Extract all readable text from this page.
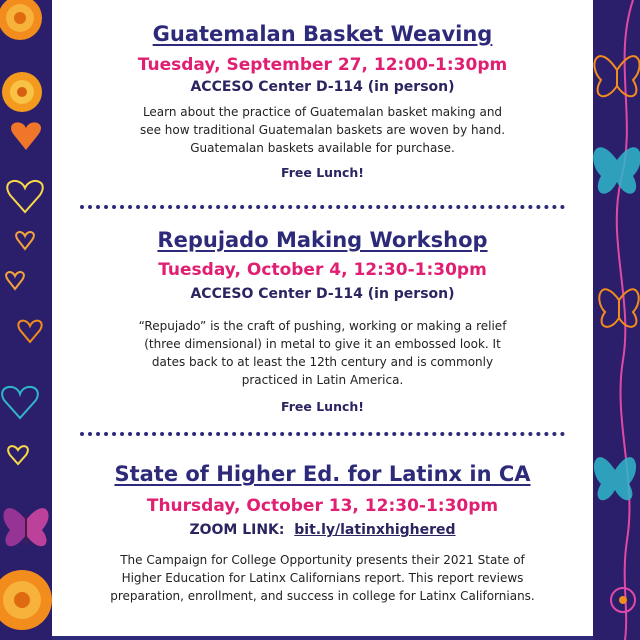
Guatemalan Basket Weaving

Tuesday, September 27, 12:00-1:30pm

ACCESO Center D-114 (in person)

Learn about the practice of Guatemalan basket making and

see how traditional Guatemalan baskets are woven by hand.

Guatemalan baskets available for purchase.

Free Lunch!

Repujado Making Workshop

Tuesday, October 4, 12:30-1:30pm

ACCESO Center D-114 (in person)

“Repujado” is the craft of pushing, working or making a relief

(three dimensional) in metal to give it an embossed look. It

dates back to at least the 12th century and is commonly

practiced in Latin America.

Free Lunch!

State of Higher Ed. for Latinx in CA

Thursday, October 13, 12:30-1:30pm

ZOOM LINK: bit.ly/latinxhighered

The Campaign for College Opportunity presents their 2021 State of

Higher Education for Latinx Californians report. This report reviews

preparation, enrollment, and success in college for Latinx Californians.
